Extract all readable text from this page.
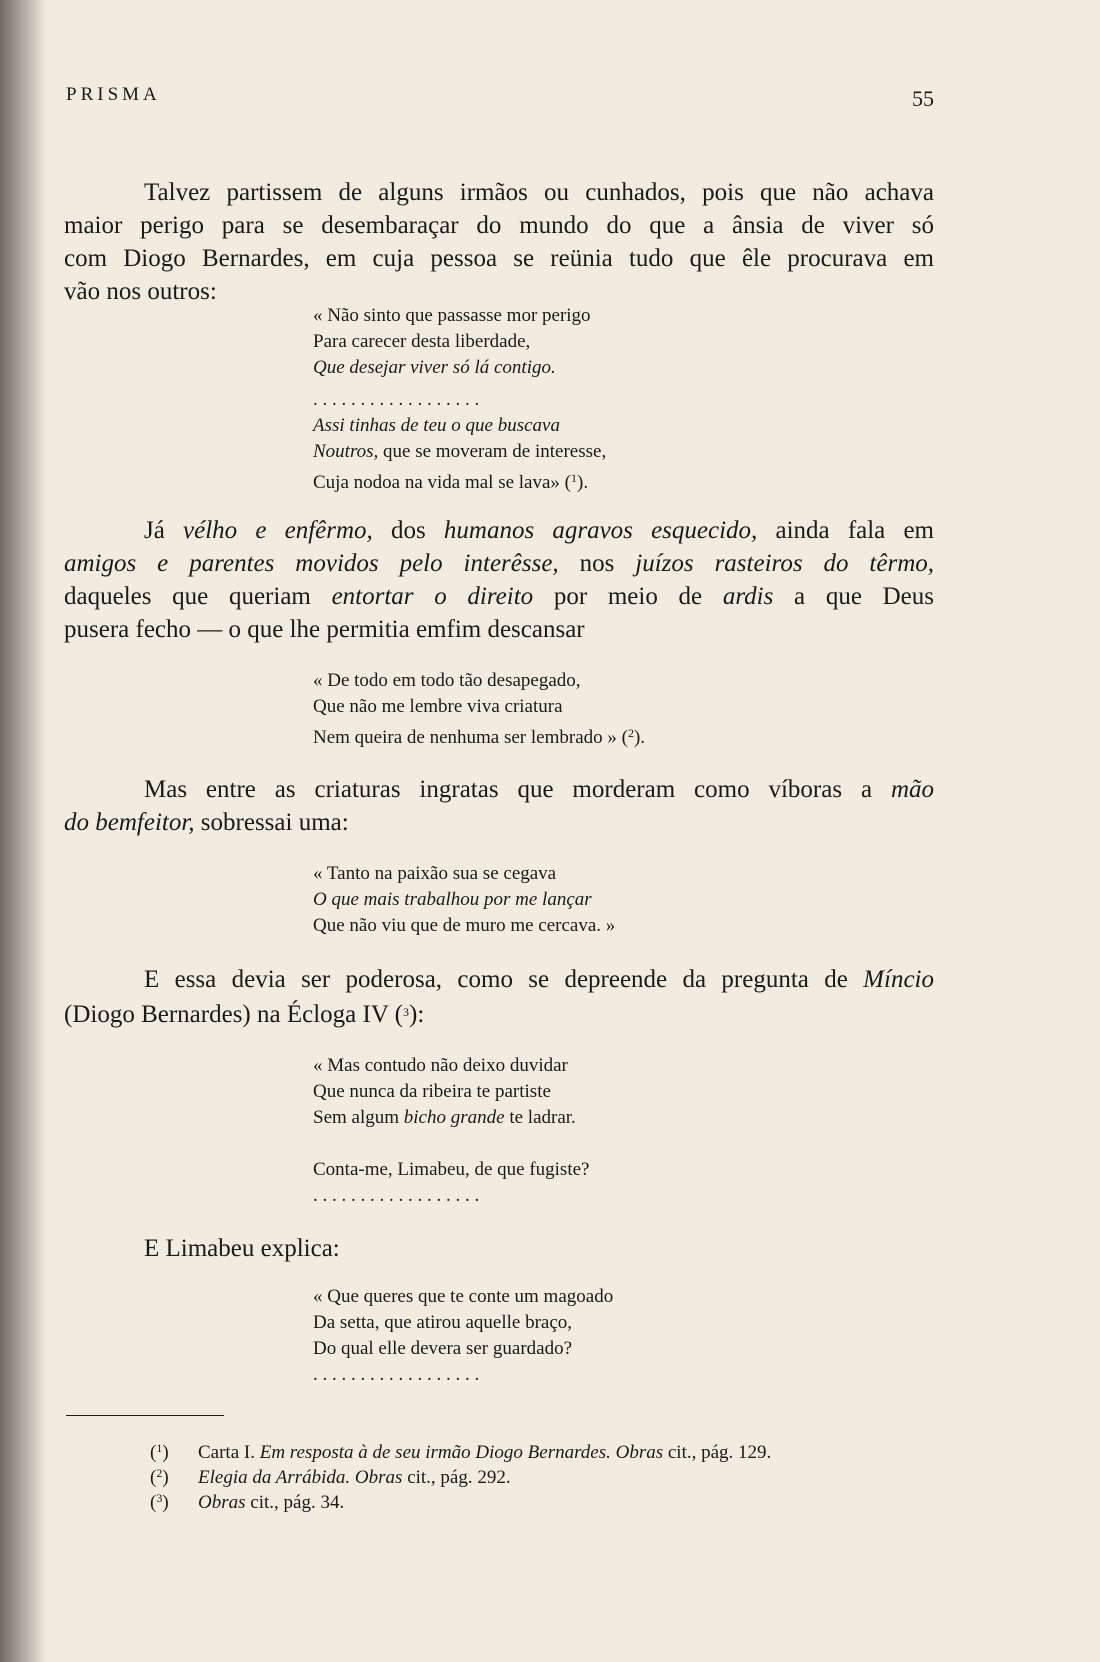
PRISMA	55
Talvez partissem de alguns irmãos ou cunhados, pois que não achava
maior perigo para se desembaraçar do mundo do que a ânsia de viver só
com Diogo Bernardes, em cuja pessoa se reünia tudo que êle procurava em
vão nos outros:
« Não sinto que passasse mor perigo
Para carecer desta liberdade,
Que desejar viver só lá contigo.
. . . . . . . . . . . . . . . . . .
Assi tinhas de teu o que buscava
Noutros, que se moveram de interesse,
Cuja nodoa na vida mal se lava» ($^1$).
Já vélho e enfêrmo, dos humanos agravos esquecido, ainda fala em
amigos e parentes movidos pelo interêsse, nos juízos rasteiros do têrmo,
daqueles que queriam entortar o direito por meio de ardis a que Deus
pusera fecho — o que lhe permitia emfim descansar
« De todo em todo tão desapegado,
Que não me lembre viva criatura
Nem queira de nenhuma ser lembrado » ($^2$).
Mas entre as criaturas ingratas que morderam como víboras a mão
do bemfeitor, sobressai uma:
« Tanto na paixão sua se cegava
O que mais trabalhou por me lançar
Que não viu que de muro me cercava. »
E essa devia ser poderosa, como se depreende da pregunta de Míncio
(Diogo Bernardes) na Écloga IV ($^3$):
« Mas contudo não deixo duvidar
Que nunca da ribeira te partiste
Sem algum bicho grande te ladrar.
Conta-me, Limabeu, de que fugiste?
. . . . . . . . . . . . . . . . . .
E Limabeu explica:
« Que queres que te conte um magoado
Da setta, que atirou aquelle braço,
Do qual elle devera ser guardado?
. . . . . . . . . . . . . . . . . .
($^1$) Carta I. Em resposta à de seu irmão Diogo Bernardes. Obras cit., pág. 129.
($^2$) Elegia da Arrábida. Obras cit., pág. 292.
($^3$) Obras cit., pág. 34.
